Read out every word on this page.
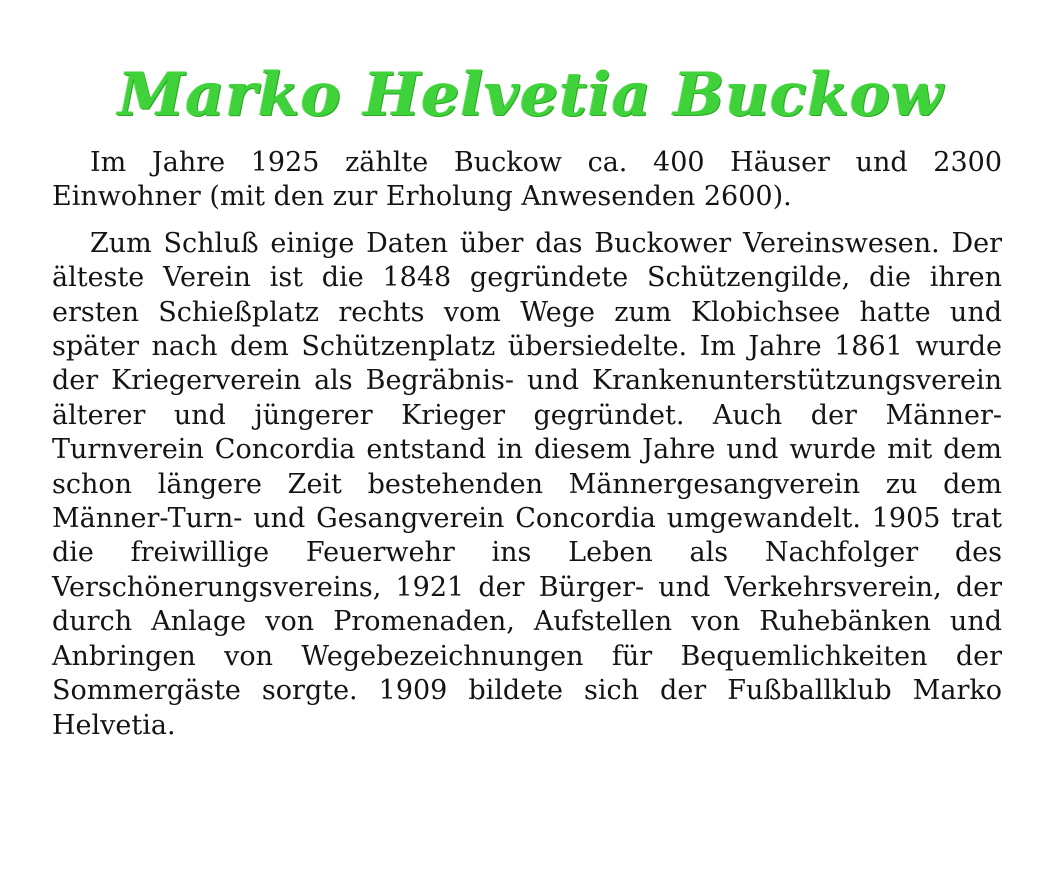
Marko Helvetia Buckow

Im Jahre 1925 zählte Buckow ca. 400 Häuser und 2300 Einwohner (mit den zur Erholung Anwesenden 2600).

Zum Schluß einige Daten über das Buckower Vereinswesen. Der älteste Verein ist die 1848 gegründete Schützengilde, die ihren ersten Schießplatz rechts vom Wege zum Klobichsee hatte und später nach dem Schützenplatz übersiedelte. Im Jahre 1861 wurde der Kriegerverein als Begräbnis- und Krankenunterstützungsverein älterer und jüngerer Krieger gegründet. Auch der Männer-Turnverein Concordia entstand in diesem Jahre und wurde mit dem schon längere Zeit bestehenden Männergesangverein zu dem Männer-Turn- und Gesangverein Concordia umgewandelt. 1905 trat die freiwillige Feuerwehr ins Leben als Nachfolger des Verschönerungsvereins, 1921 der Bürger- und Verkehrsverein, der durch Anlage von Promenaden, Aufstellen von Ruhebänken und Anbringen von Wegebezeichnungen für Bequemlichkeiten der Sommergäste sorgte. 1909 bildete sich der Fußballklub Marko Helvetia.
